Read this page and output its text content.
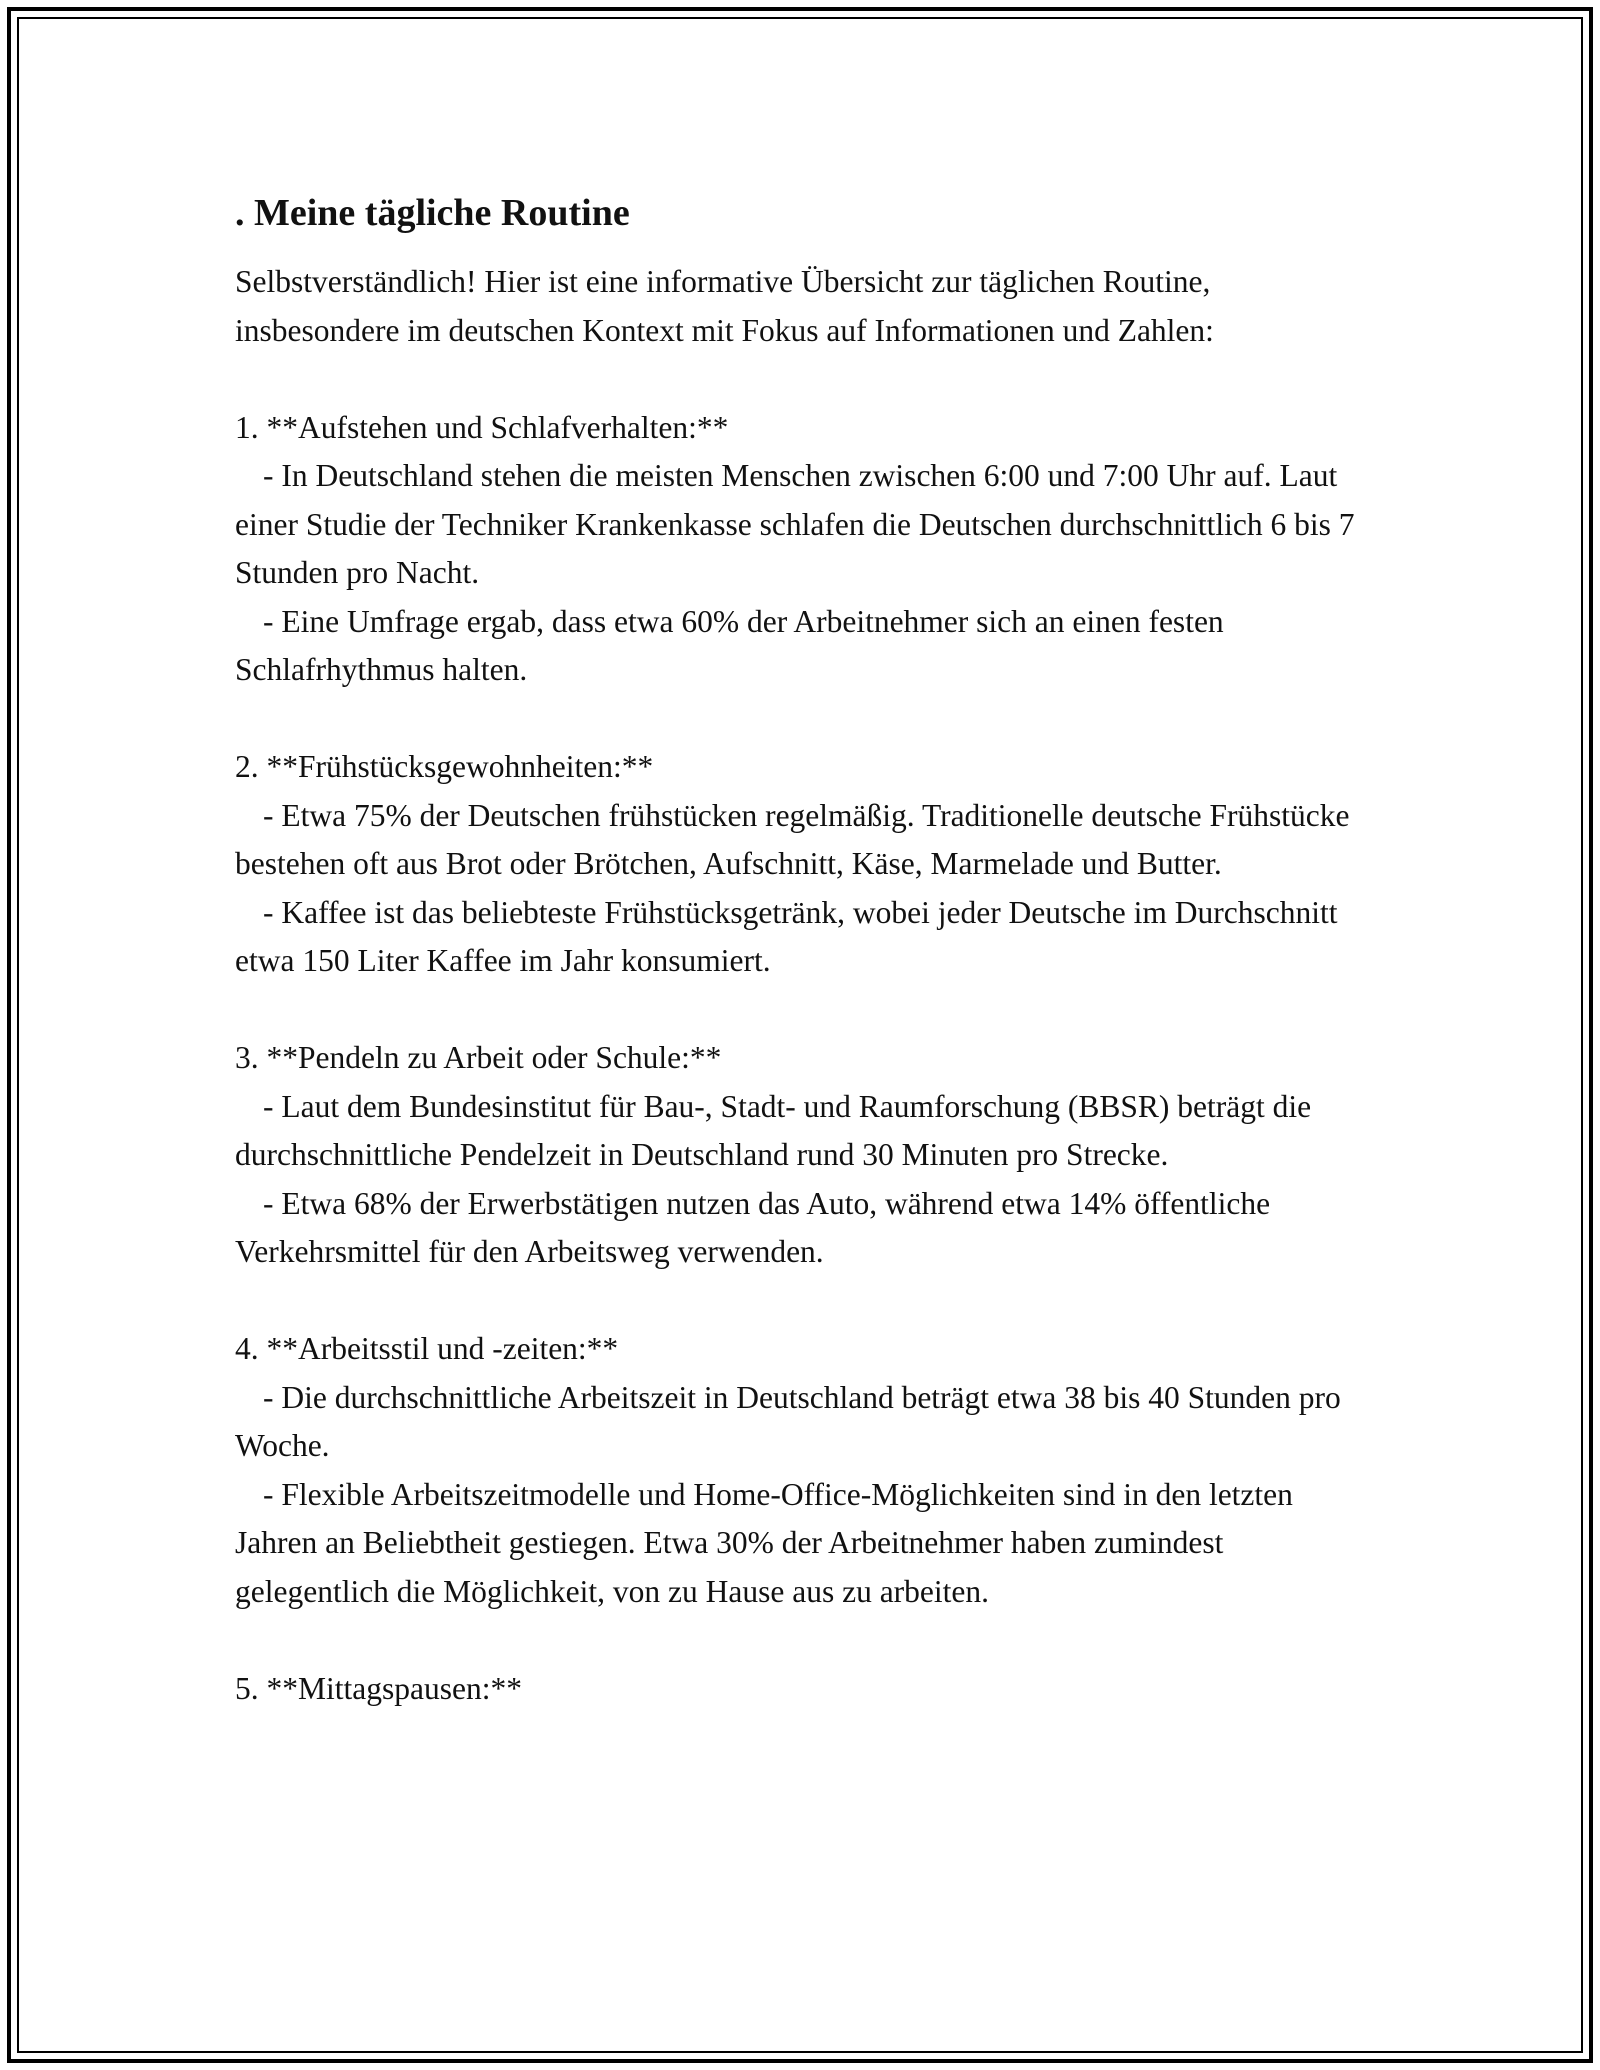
. Meine tägliche Routine

Selbstverständlich! Hier ist eine informative Übersicht zur täglichen Routine, insbesondere im deutschen Kontext mit Fokus auf Informationen und Zahlen:

1. **Aufstehen und Schlafverhalten:**

- In Deutschland stehen die meisten Menschen zwischen 6:00 und 7:00 Uhr auf. Laut einer Studie der Techniker Krankenkasse schlafen die Deutschen durchschnittlich 6 bis 7 Stunden pro Nacht.

- Eine Umfrage ergab, dass etwa 60% der Arbeitnehmer sich an einen festen Schlafrhythmus halten.

2. **Frühstücksgewohnheiten:**

- Etwa 75% der Deutschen frühstücken regelmäßig. Traditionelle deutsche Frühstücke bestehen oft aus Brot oder Brötchen, Aufschnitt, Käse, Marmelade und Butter.

- Kaffee ist das beliebteste Frühstücksgetränk, wobei jeder Deutsche im Durchschnitt etwa 150 Liter Kaffee im Jahr konsumiert.

3. **Pendeln zu Arbeit oder Schule:**

- Laut dem Bundesinstitut für Bau-, Stadt- und Raumforschung (BBSR) beträgt die durchschnittliche Pendelzeit in Deutschland rund 30 Minuten pro Strecke.

- Etwa 68% der Erwerbstätigen nutzen das Auto, während etwa 14% öffentliche Verkehrsmittel für den Arbeitsweg verwenden.

4. **Arbeitsstil und -zeiten:**

- Die durchschnittliche Arbeitszeit in Deutschland beträgt etwa 38 bis 40 Stunden pro Woche.

- Flexible Arbeitszeitmodelle und Home-Office-Möglichkeiten sind in den letzten Jahren an Beliebtheit gestiegen. Etwa 30% der Arbeitnehmer haben zumindest gelegentlich die Möglichkeit, von zu Hause aus zu arbeiten.

5. **Mittagspausen:**
